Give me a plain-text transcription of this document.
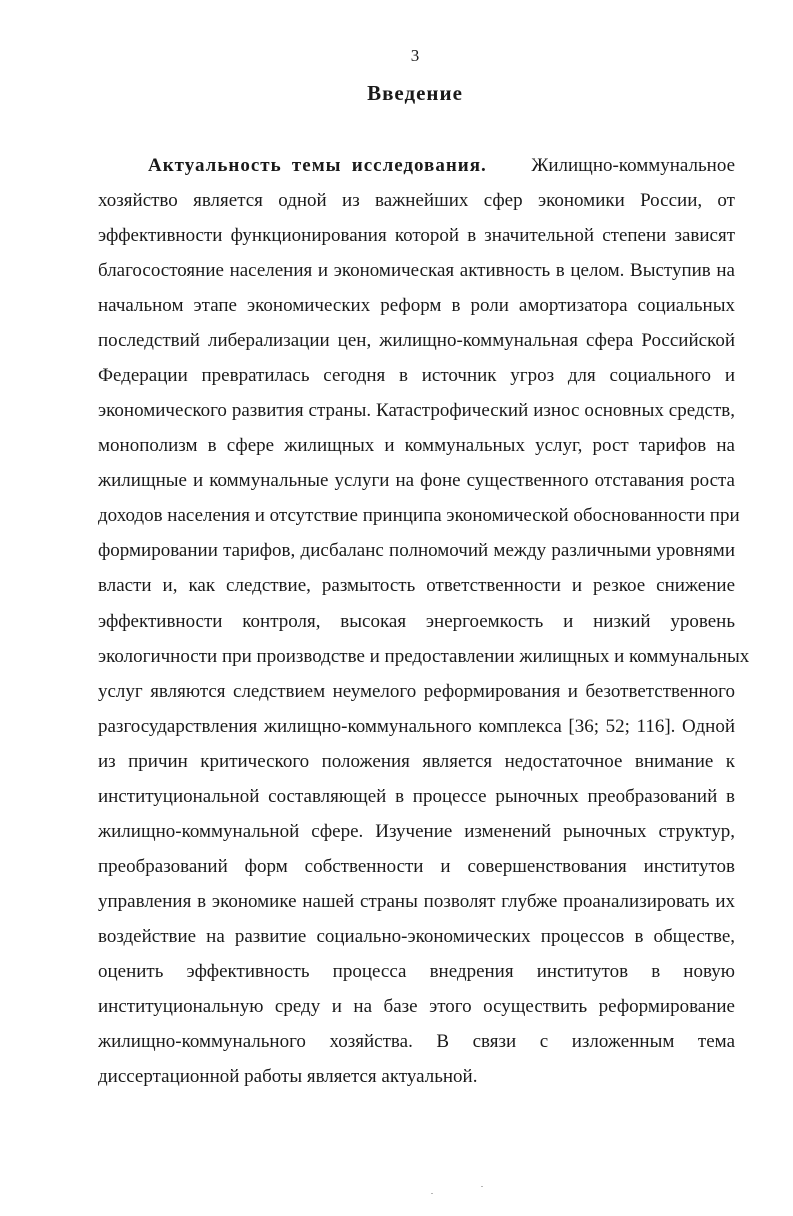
3
Введение
Актуальность темы исследования. Жилищно-коммунальное
хозяйство является одной из важнейших сфер экономики России, от
эффективности функционирования которой в значительной степени зависят
благосостояние населения и экономическая активность в целом. Выступив на
начальном этапе экономических реформ в роли амортизатора социальных
последствий либерализации цен, жилищно-коммунальная сфера Российской
Федерации превратилась сегодня в источник угроз для социального и
экономического развития страны. Катастрофический износ основных средств,
монополизм в сфере жилищных и коммунальных услуг, рост тарифов на
жилищные и коммунальные услуги на фоне существенного отставания роста
доходов населения и отсутствие принципа экономической обоснованности при
формировании тарифов, дисбаланс полномочий между различными уровнями
власти и, как следствие, размытость ответственности и резкое снижение
эффективности контроля, высокая энергоемкость и низкий уровень
экологичности при производстве и предоставлении жилищных и коммунальных
услуг являются следствием неумелого реформирования и безответственного
разгосударствления жилищно-коммунального комплекса [36; 52; 116]. Одной
из причин критического положения является недостаточное внимание к
институциональной составляющей в процессе рыночных преобразований в
жилищно-коммунальной сфере. Изучение изменений рыночных структур,
преобразований форм собственности и совершенствования институтов
управления в экономике нашей страны позволят глубже проанализировать их
воздействие на развитие социально-экономических процессов в обществе,
оценить эффективность процесса внедрения институтов в новую
институциональную среду и на базе этого осуществить реформирование
жилищно-коммунального хозяйства. В связи с изложенным тема
диссертационной работы является актуальной.
